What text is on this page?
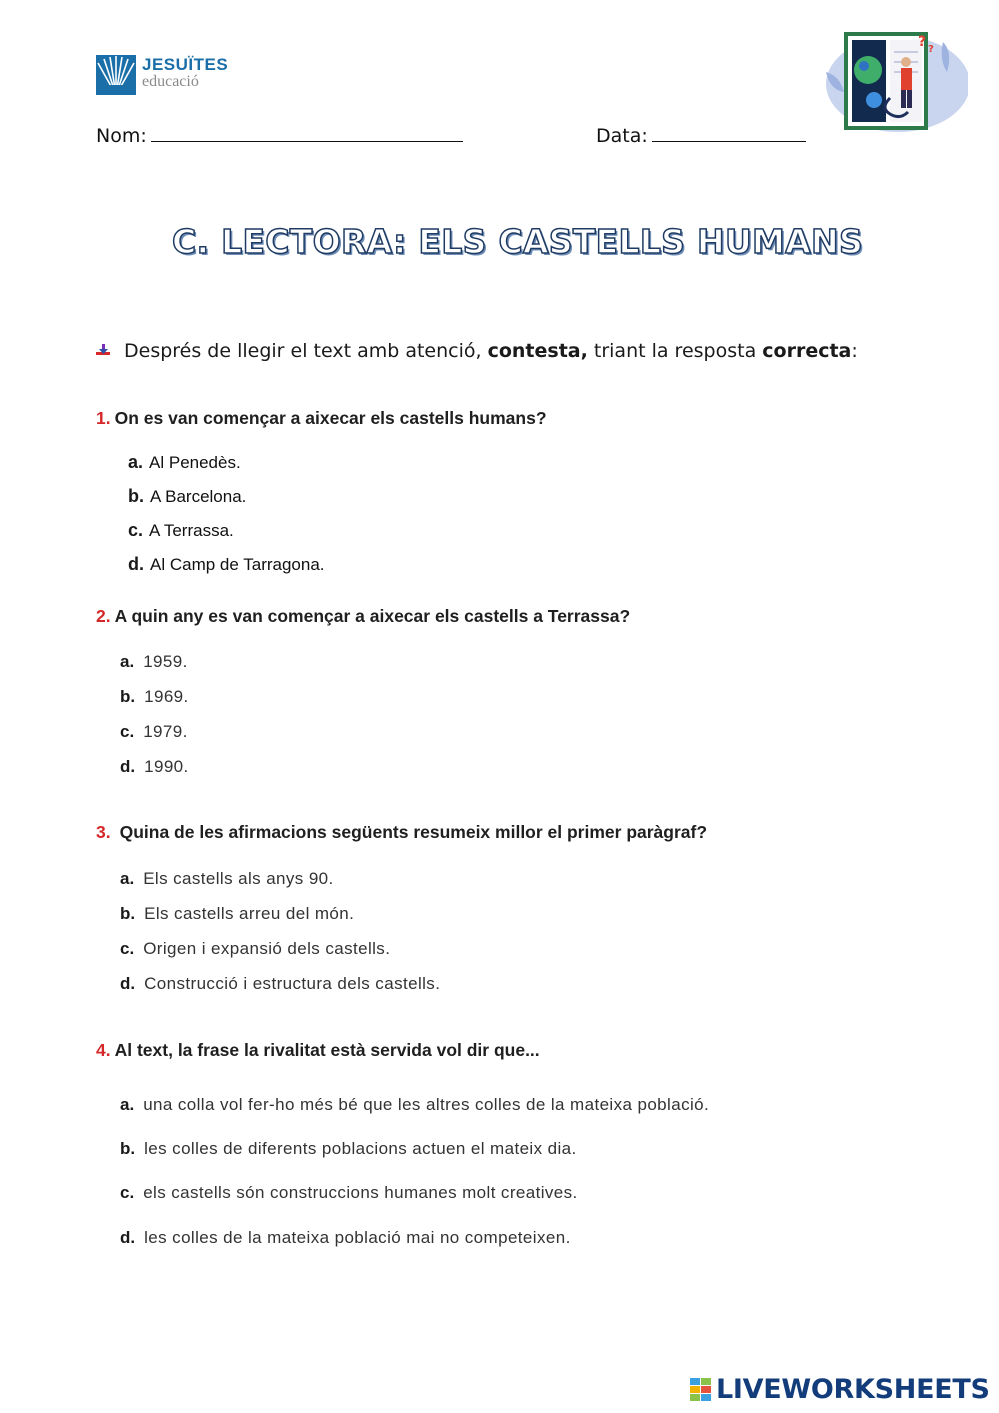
JESUÏTES
educació
? ?
Nom:	Data:
C. LECTORA: ELS CASTELLS HUMANS
Després de llegir el text amb atenció, contesta, triant la resposta correcta:
1. On es van començar a aixecar els castells humans?
a. Al Penedès.
b. A Barcelona.
c. A Terrassa.
d. Al Camp de Tarragona.
2. A quin any es van començar a aixecar els castells a Terrassa?
a. 1959.
b. 1969.
c. 1979.
d. 1990.
3. Quina de les afirmacions següents resumeix millor el primer paràgraf?
a. Els castells als anys 90.
b. Els castells arreu del món.
c. Origen i expansió dels castells.
d. Construcció i estructura dels castells.
4. Al text, la frase la rivalitat està servida vol dir que...
a. una colla vol fer-ho més bé que les altres colles de la mateixa població.
b. les colles de diferents poblacions actuen el mateix dia.
c. els castells són construccions humanes molt creatives.
d. les colles de la mateixa població mai no competeixen.
LIVEWORKSHEETS
